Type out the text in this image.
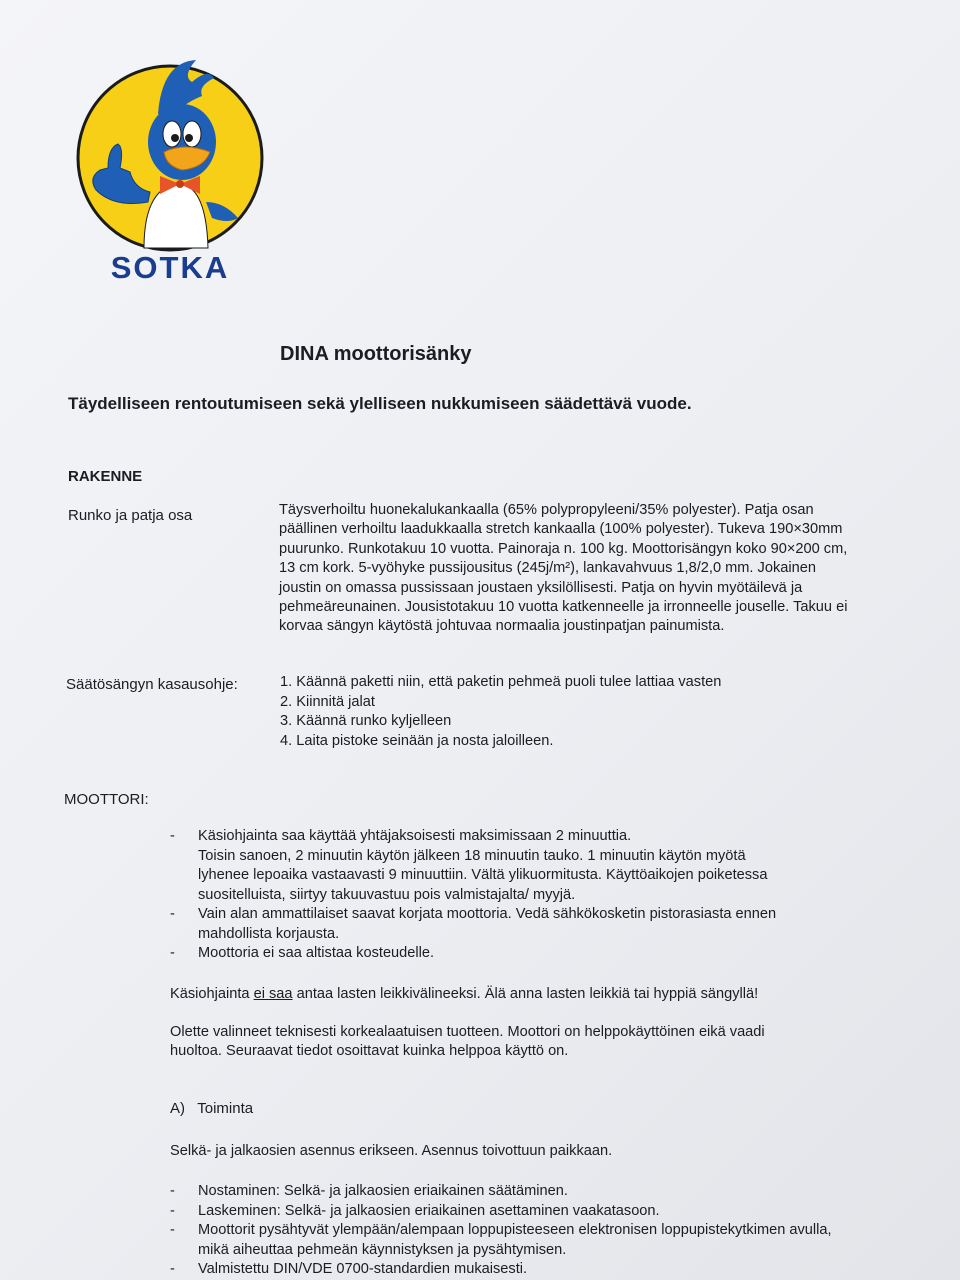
SOTKA
DINA moottorisänky
Täydelliseen rentoutumiseen sekä ylelliseen nukkumiseen säädettävä vuode.
RAKENNE
Runko ja patja osa	Täysverhoiltu huonekalukankaalla (65% polypropyleeni/35% polyester). Patja osan
päällinen verhoiltu laadukkaalla stretch kankaalla (100% polyester). Tukeva 190×30mm
puurunko. Runkotakuu 10 vuotta. Painoraja n. 100 kg. Moottorisängyn koko 90×200 cm,
13 cm kork. 5-vyöhyke pussijousitus (245j/m²), lankavahvuus 1,8/2,0 mm. Jokainen
joustin on omassa pussissaan joustaen yksilöllisesti. Patja on hyvin myötäilevä ja
pehmeäreunainen. Jousistotakuu 10 vuotta katkenneelle ja irronneelle jouselle. Takuu ei
korvaa sängyn käytöstä johtuvaa normaalia joustinpatjan painumista.
Säätösängyn kasausohje:	1. Käännä paketti niin, että paketin pehmeä puoli tulee lattiaa vasten
2. Kiinnitä jalat
3. Käännä runko kyljelleen
4. Laita pistoke seinään ja nosta jaloilleen.
MOOTTORI:
- Käsiohjainta saa käyttää yhtäjaksoisesti maksimissaan 2 minuuttia.
Toisin sanoen, 2 minuutin käytön jälkeen 18 minuutin tauko. 1 minuutin käytön myötä
lyhenee lepoaika vastaavasti 9 minuuttiin. Vältä ylikuormitusta. Käyttöaikojen poiketessa
suositelluista, siirtyy takuuvastuu pois valmistajalta/ myyjä.
- Vain alan ammattilaiset saavat korjata moottoria. Vedä sähkökosketin pistorasiasta ennen
mahdollista korjausta.
- Moottoria ei saa altistaa kosteudelle.

Käsiohjainta ei saa antaa lasten leikkivälineeksi. Älä anna lasten leikkiä tai hyppiä sängyllä!

Olette valinneet teknisesti korkealaatuisen tuotteen. Moottori on helppokäyttöinen eikä vaadi
huoltoa. Seuraavat tiedot osoittavat kuinka helppoa käyttö on.
A)   Toiminta

Selkä- ja jalkaosien asennus erikseen. Asennus toivottuun paikkaan.

- Nostaminen: Selkä- ja jalkaosien eriaikainen säätäminen.
- Laskeminen: Selkä- ja jalkaosien eriaikainen asettaminen vaakatasoon.
- Moottorit pysähtyvät ylempään/alempaan loppupisteeseen elektronisen loppupistekytkimen avulla,
mikä aiheuttaa pehmeän käynnistyksen ja pysähtymisen.
- Valmistettu DIN/VDE 0700-standardien mukaisesti.
